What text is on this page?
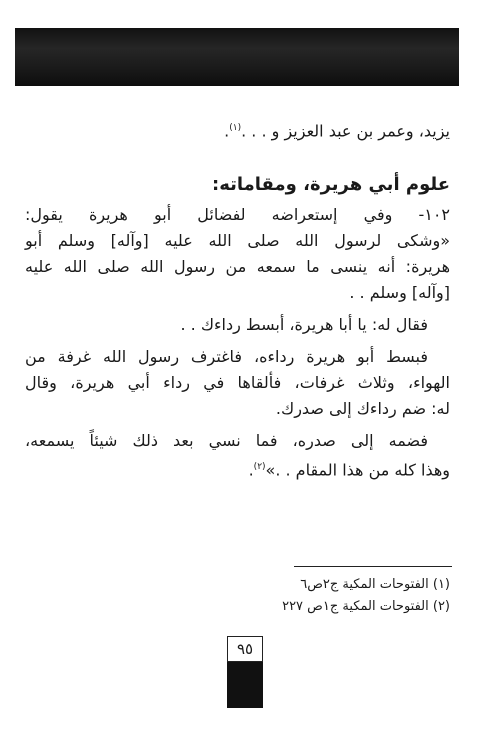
يزيد، وعمر بن عبد العزيز و . . .$^{(١)}$.

علوم أبي هريرة، ومقاماته:

١٠٢- وفي إستعراضه لفضائل أبو هريرة يقول:

«وشكى لرسول الله صلى الله عليه [وآله] وسلم أبو

هريرة: أنه ينسى ما سمعه من رسول الله صلى الله عليه

[وآله] وسلم . .

فقال له: يا أبا هريرة، أبسط رداءك . .

فبسط أبو هريرة رداءه، فاغترف رسول الله غرفة من

الهواء، وثلاث غرفات، فألقاها في رداء أبي هريرة، وقال

له: ضم رداءك إلى صدرك.

فضمه إلى صدره، فما نسي بعد ذلك شيئاً يسمعه،

وهذا كله من هذا المقام . .»$^{(٢)}$.

(١) الفتوحات المكية ج٢ص٦
(٢) الفتوحات المكية ج١ص ٢٢٧
٩٥
